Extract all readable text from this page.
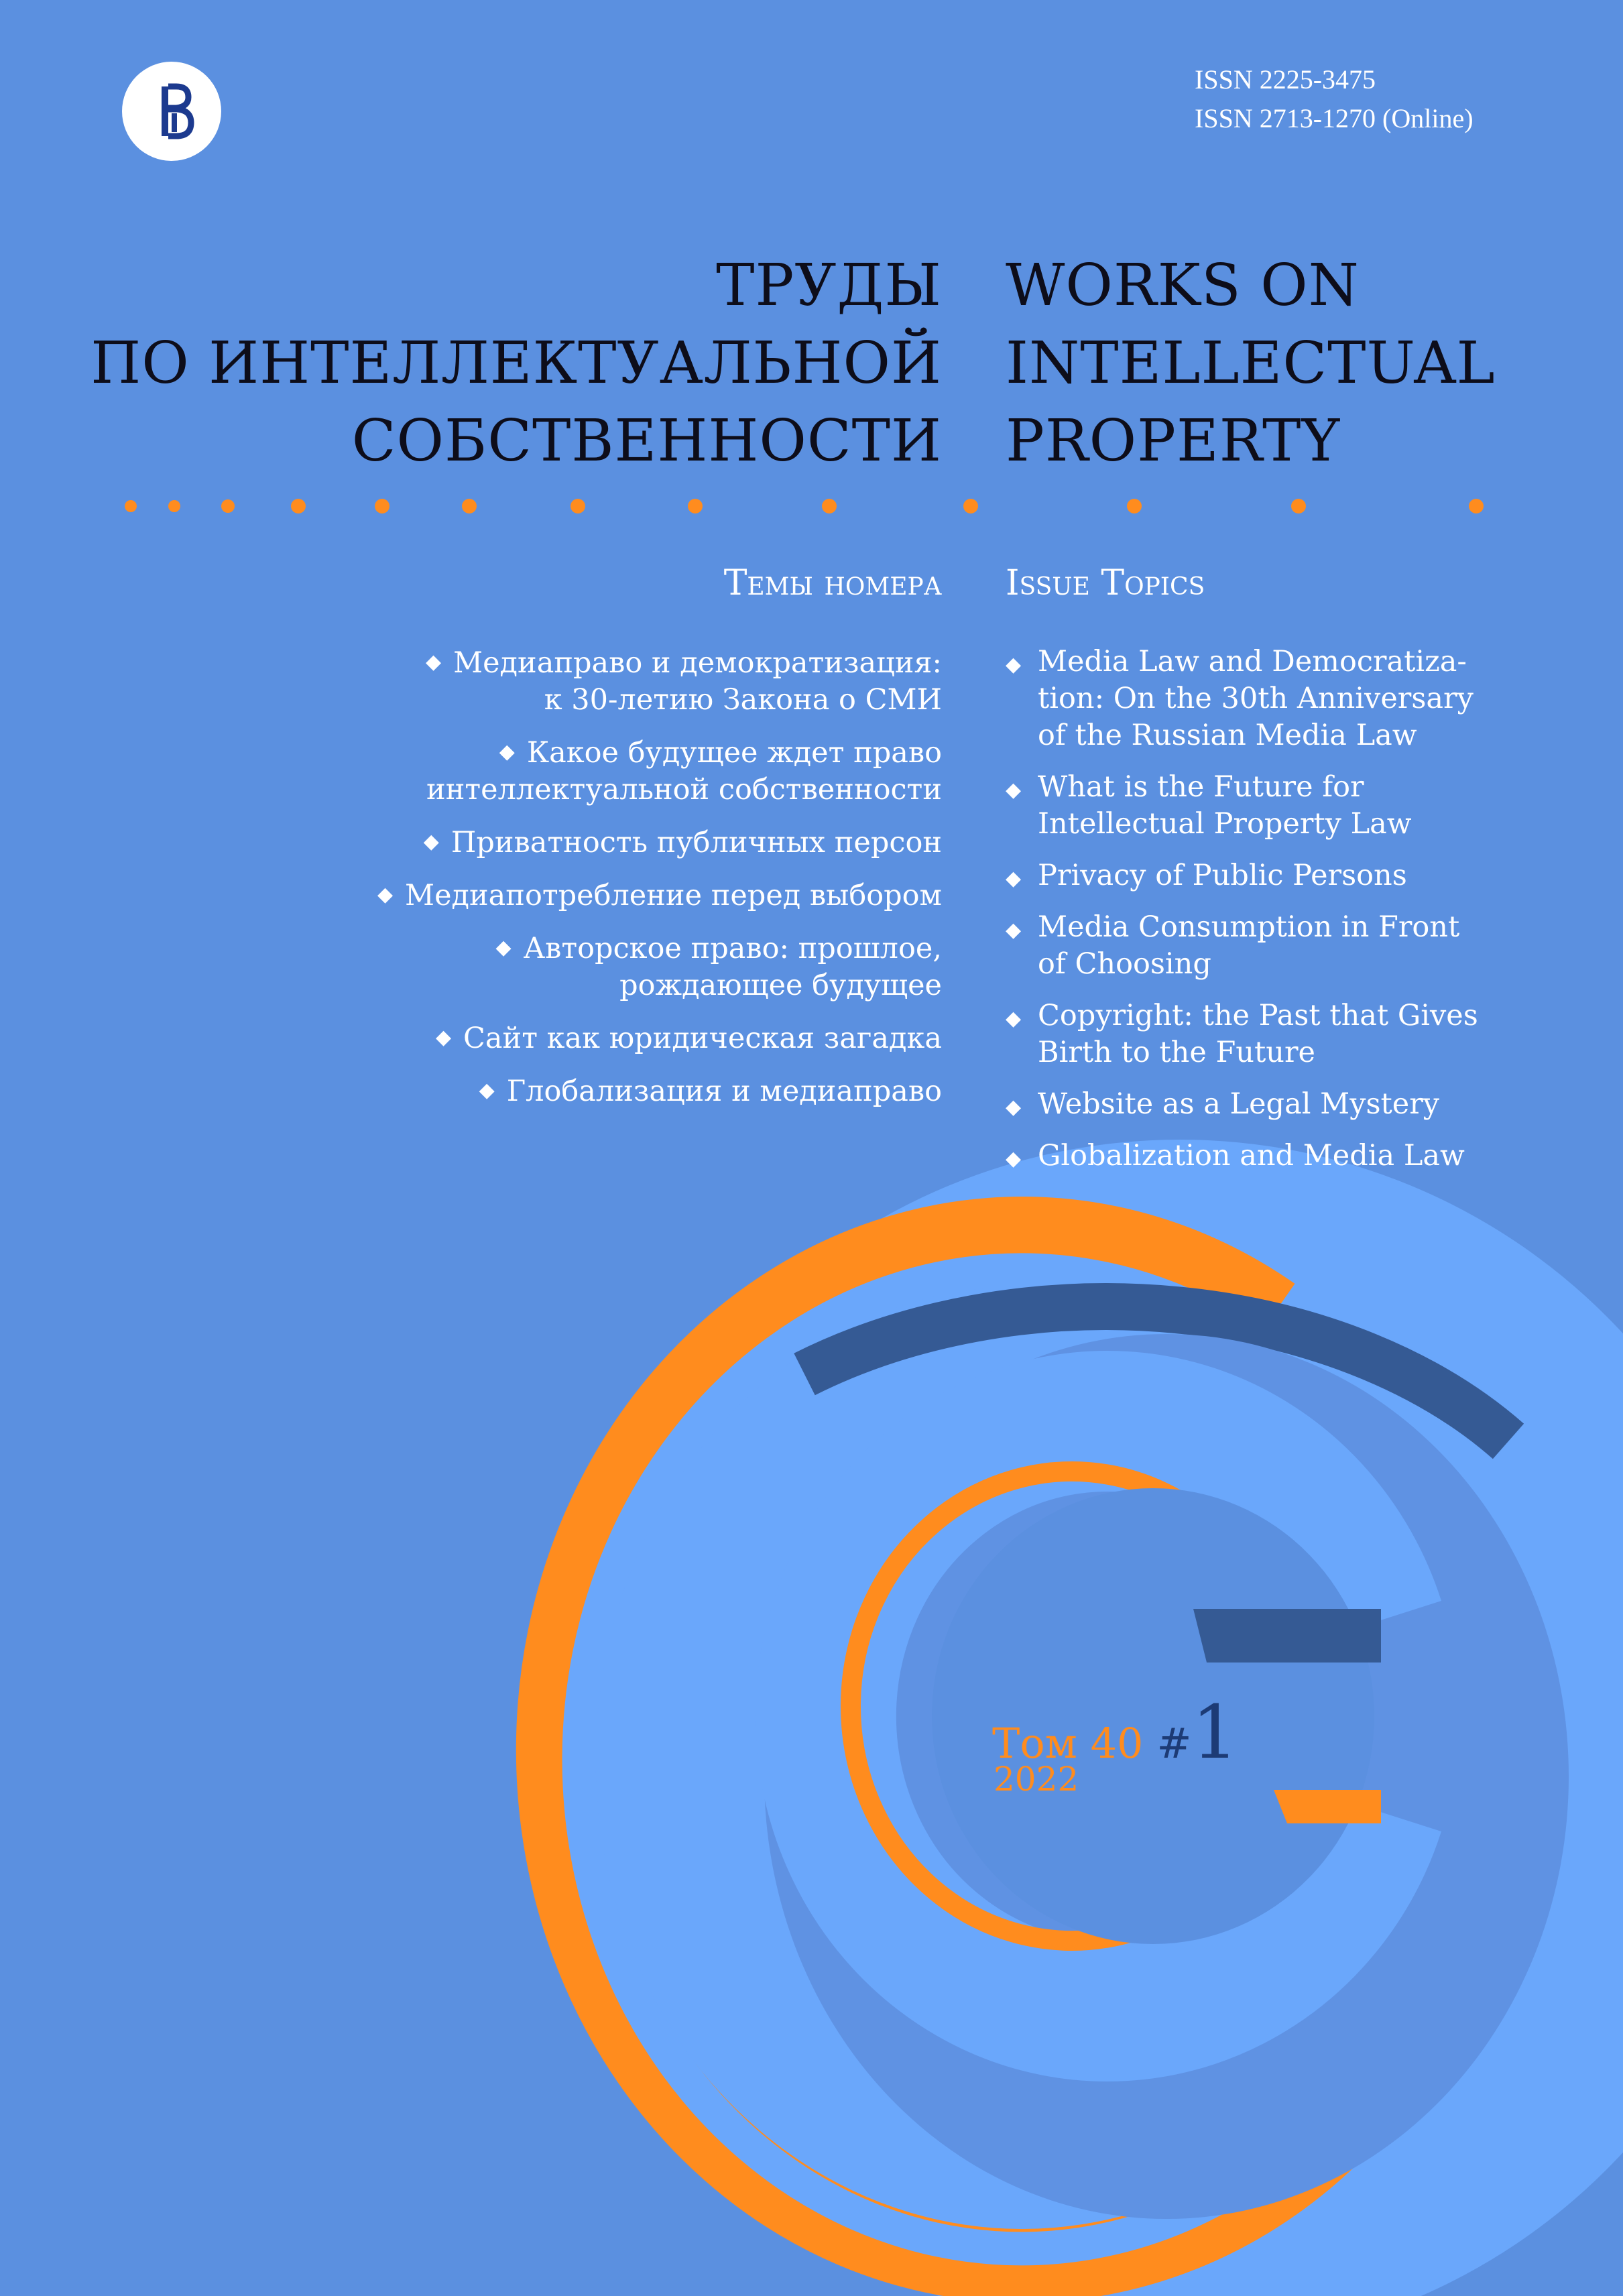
ISSN 2225-3475
ISSN 2713-1270 (Online)
ТРУДЫ
ПО ИНТЕЛЛЕКТУАЛЬНОЙ
СОБСТВЕННОСТИ
WORKS ON
INTELLECTUAL
PROPERTY
Темы номера Issue Topics
◆ Медиаправо и демократизация:
к 30-летию Закона о СМИ
◆ Какое будущее ждет право
интеллектуальной собственности
◆ Приватность публичных персон
◆ Медиапотребление перед выбором
◆ Авторское право: прошлое,
рождающее будущее
◆ Сайт как юридическая загадка
◆ Глобализация и медиаправо
◆ Media Law and Democratiza-
tion: On the 30th Anniversary
of the Russian Media Law
◆ What is the Future for
Intellectual Property Law
◆ Privacy of Public Persons
◆ Media Consumption in Front
of Choosing
◆ Copyright: the Past that Gives
Birth to the Future
◆ Website as a Legal Mystery
◆ Globalization and Media Law
Том 40 #1
2022
